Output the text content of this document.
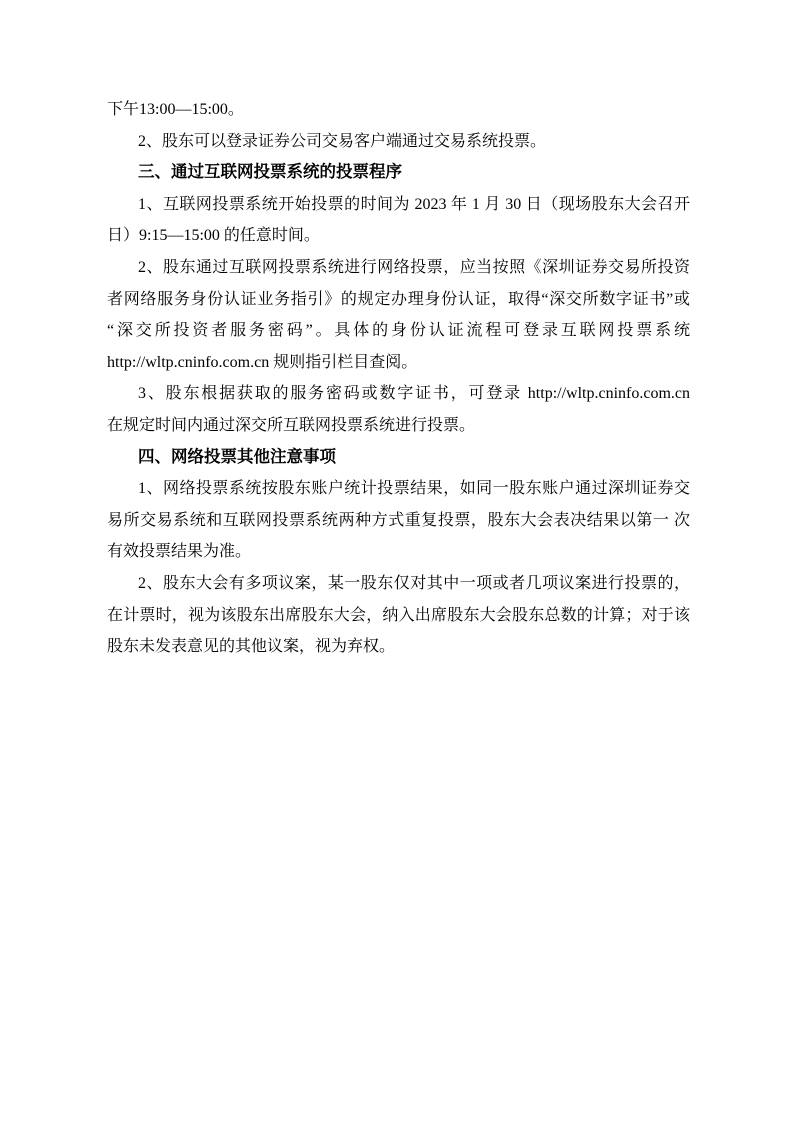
下午13:00—15:00。
2、股东可以登录证券公司交易客户端通过交易系统投票。
三、通过互联网投票系统的投票程序
1、互联网投票系统开始投票的时间为 2023 年 1 月 30 日（现场股东大会召开
日）9:15—15:00 的任意时间。
2、股东通过互联网投票系统进行网络投票，应当按照《深圳证券交易所投资
者网络服务身份认证业务指引》的规定办理身份认证，取得“深交所数字证书”或
“深交所投资者服务密码”。具体的身份认证流程可登录互联网投票系统
http://wltp.cninfo.com.cn 规则指引栏目查阅。
3、股东根据获取的服务密码或数字证书，可登录 http://wltp.cninfo.com.cn
在规定时间内通过深交所互联网投票系统进行投票。
四、网络投票其他注意事项
1、网络投票系统按股东账户统计投票结果，如同一股东账户通过深圳证券交
易所交易系统和互联网投票系统两种方式重复投票，股东大会表决结果以第一 次
有效投票结果为准。
2、股东大会有多项议案，某一股东仅对其中一项或者几项议案进行投票的，
在计票时，视为该股东出席股东大会，纳入出席股东大会股东总数的计算；对于该
股东未发表意见的其他议案，视为弃权。
